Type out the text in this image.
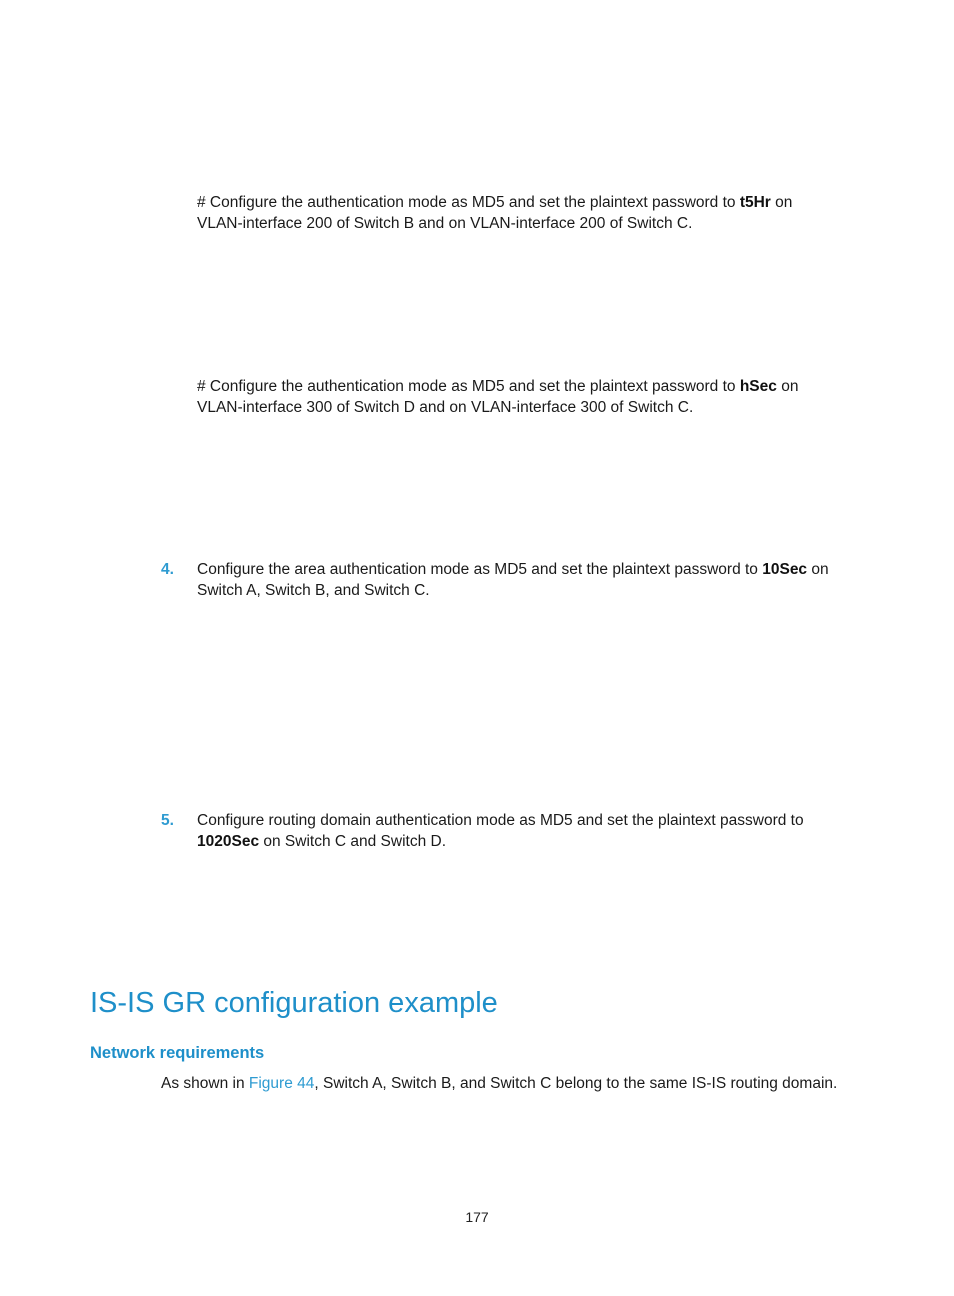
# Configure the authentication mode as MD5 and set the plaintext password to t5Hr on
VLAN-interface 200 of Switch B and on VLAN-interface 200 of Switch C.

# Configure the authentication mode as MD5 and set the plaintext password to hSec on
VLAN-interface 300 of Switch D and on VLAN-interface 300 of Switch C.

4. Configure the area authentication mode as MD5 and set the plaintext password to 10Sec on
Switch A, Switch B, and Switch C.

5. Configure routing domain authentication mode as MD5 and set the plaintext password to
1020Sec on Switch C and Switch D.

IS-IS GR configuration example
Network requirements

As shown in Figure 44, Switch A, Switch B, and Switch C belong to the same IS-IS routing domain.

177
